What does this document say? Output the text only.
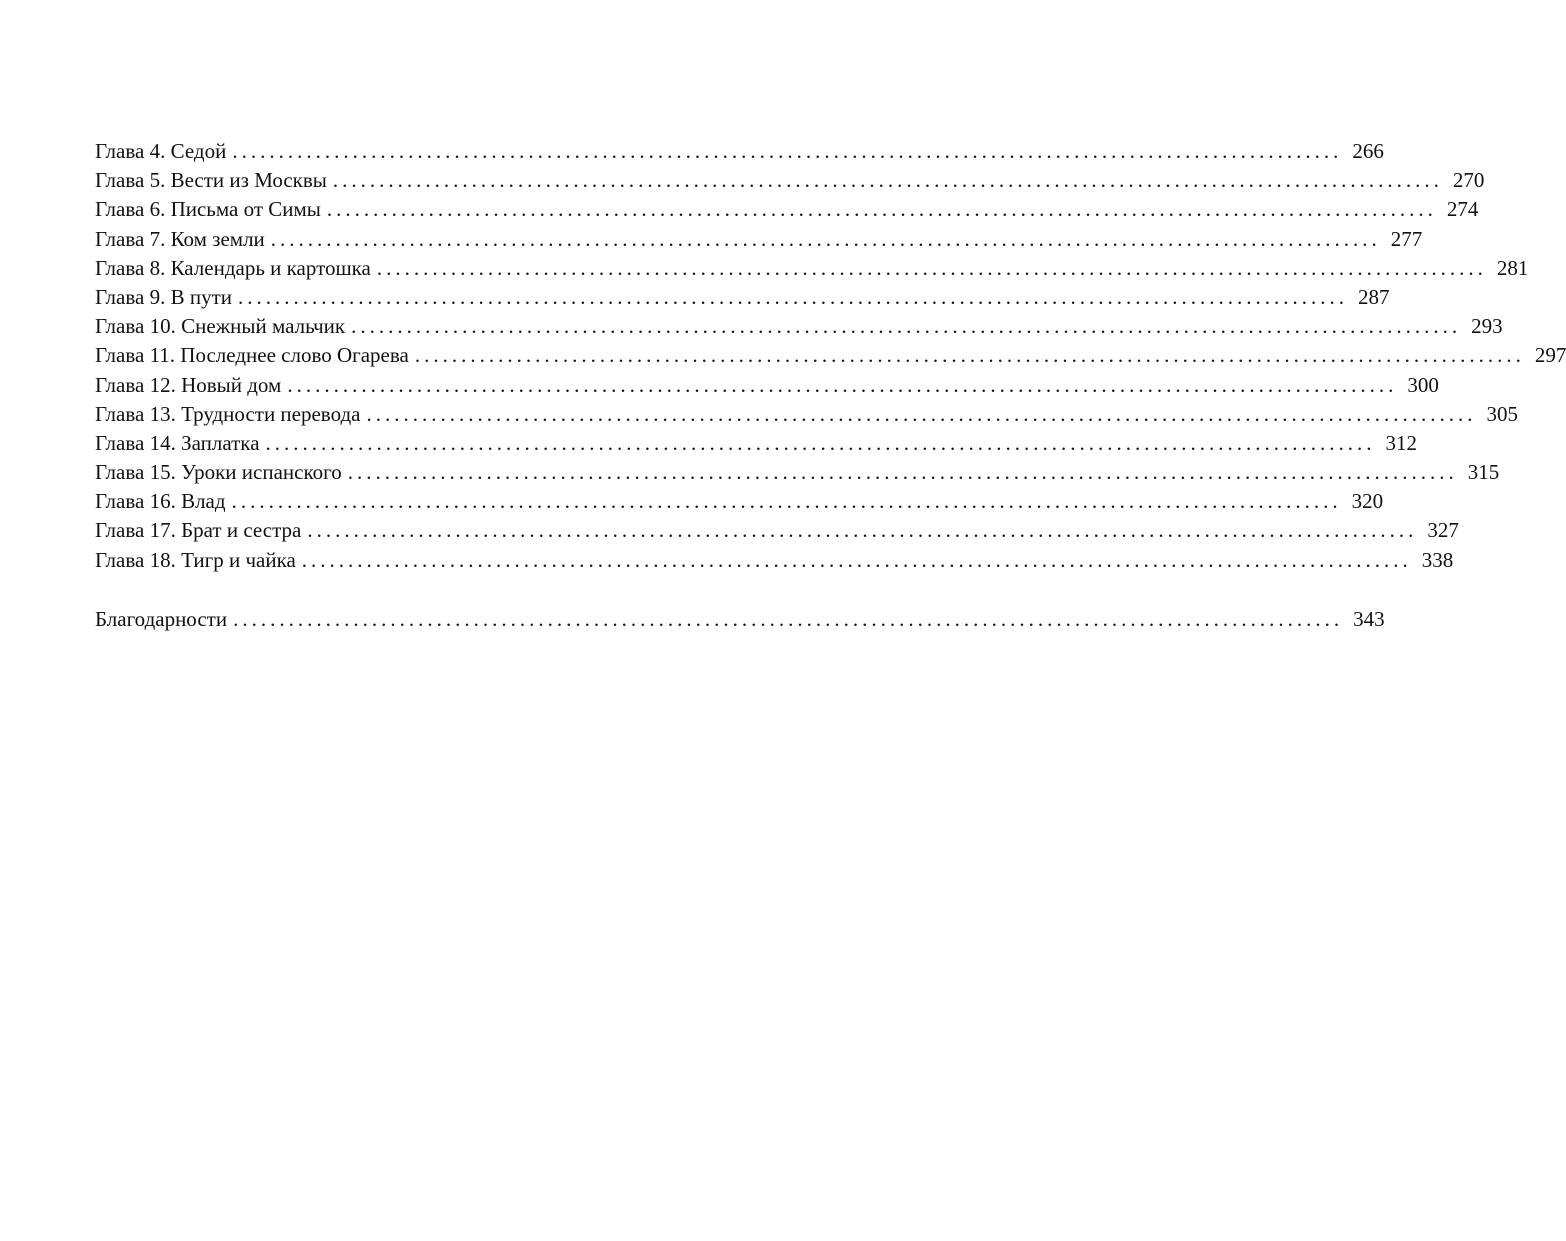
Глава 4. Седой ........................................................................................................................ 266
Глава 5. Вести из Москвы ........................................................................................................................ 270
Глава 6. Письма от Симы ........................................................................................................................ 274
Глава 7. Ком земли ........................................................................................................................ 277
Глава 8. Календарь и картошка ........................................................................................................................ 281
Глава 9. В пути ........................................................................................................................ 287
Глава 10. Снежный мальчик ........................................................................................................................ 293
Глава 11. Последнее слово Огарева ........................................................................................................................ 297
Глава 12. Новый дом ........................................................................................................................ 300
Глава 13. Трудности перевода ........................................................................................................................ 305
Глава 14. Заплатка ........................................................................................................................ 312
Глава 15. Уроки испанского ........................................................................................................................ 315
Глава 16. Влад ........................................................................................................................ 320
Глава 17. Брат и сестра ........................................................................................................................ 327
Глава 18. Тигр и чайка ........................................................................................................................ 338
Благодарности ........................................................................................................................ 343
